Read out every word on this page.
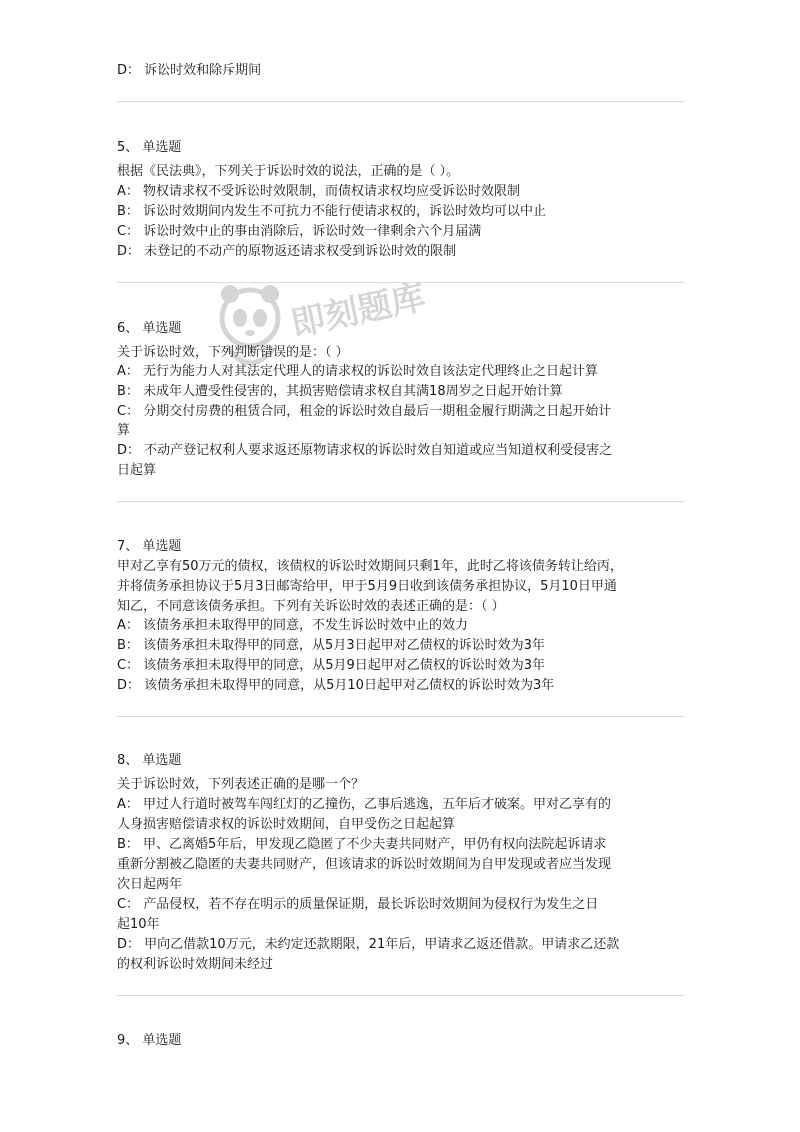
D： 诉讼时效和除斥期间
5、 单选题
根据《民法典》，下列关于诉讼时效的说法，正确的是（ ）。
A： 物权请求权不受诉讼时效限制，而债权请求权均应受诉讼时效限制
B： 诉讼时效期间内发生不可抗力不能行使请求权的，诉讼时效均可以中止
C： 诉讼时效中止的事由消除后，诉讼时效一律剩余六个月届满
D： 未登记的不动产的原物返还请求权受到诉讼时效的限制
6、 单选题
关于诉讼时效，下列判断错误的是：（ ）
A： 无行为能力人对其法定代理人的请求权的诉讼时效自该法定代理终止之日起计算
B： 未成年人遭受性侵害的，其损害赔偿请求权自其满18周岁之日起开始计算
C： 分期交付房费的租赁合同，租金的诉讼时效自最后一期租金履行期满之日起开始计
算
D： 不动产登记权利人要求返还原物请求权的诉讼时效自知道或应当知道权利受侵害之
日起算
7、 单选题
甲对乙享有50万元的债权，该债权的诉讼时效期间只剩1年，此时乙将该债务转让给丙，
并将债务承担协议于5月3日邮寄给甲，甲于5月9日收到该债务承担协议，5月10日甲通
知乙，不同意该债务承担。下列有关诉讼时效的表述正确的是：（ ）
A： 该债务承担未取得甲的同意，不发生诉讼时效中止的效力
B： 该债务承担未取得甲的同意，从5月3日起甲对乙债权的诉讼时效为3年
C： 该债务承担未取得甲的同意，从5月9日起甲对乙债权的诉讼时效为3年
D： 该债务承担未取得甲的同意，从5月10日起甲对乙债权的诉讼时效为3年
8、 单选题
关于诉讼时效，下列表述正确的是哪一个？
A： 甲过人行道时被驾车闯红灯的乙撞伤，乙事后逃逸，五年后才破案。甲对乙享有的
人身损害赔偿请求权的诉讼时效期间，自甲受伤之日起起算
B： 甲、乙离婚5年后，甲发现乙隐匿了不少夫妻共同财产，甲仍有权向法院起诉请求
重新分割被乙隐匿的夫妻共同财产，但该请求的诉讼时效期间为自甲发现或者应当发现
次日起两年
C： 产品侵权，若不存在明示的质量保证期，最长诉讼时效期间为侵权行为发生之日
起10年
D： 甲向乙借款10万元，未约定还款期限，21年后，甲请求乙返还借款。甲请求乙还款
的权利诉讼时效期间未经过
9、 单选题
即刻题库
